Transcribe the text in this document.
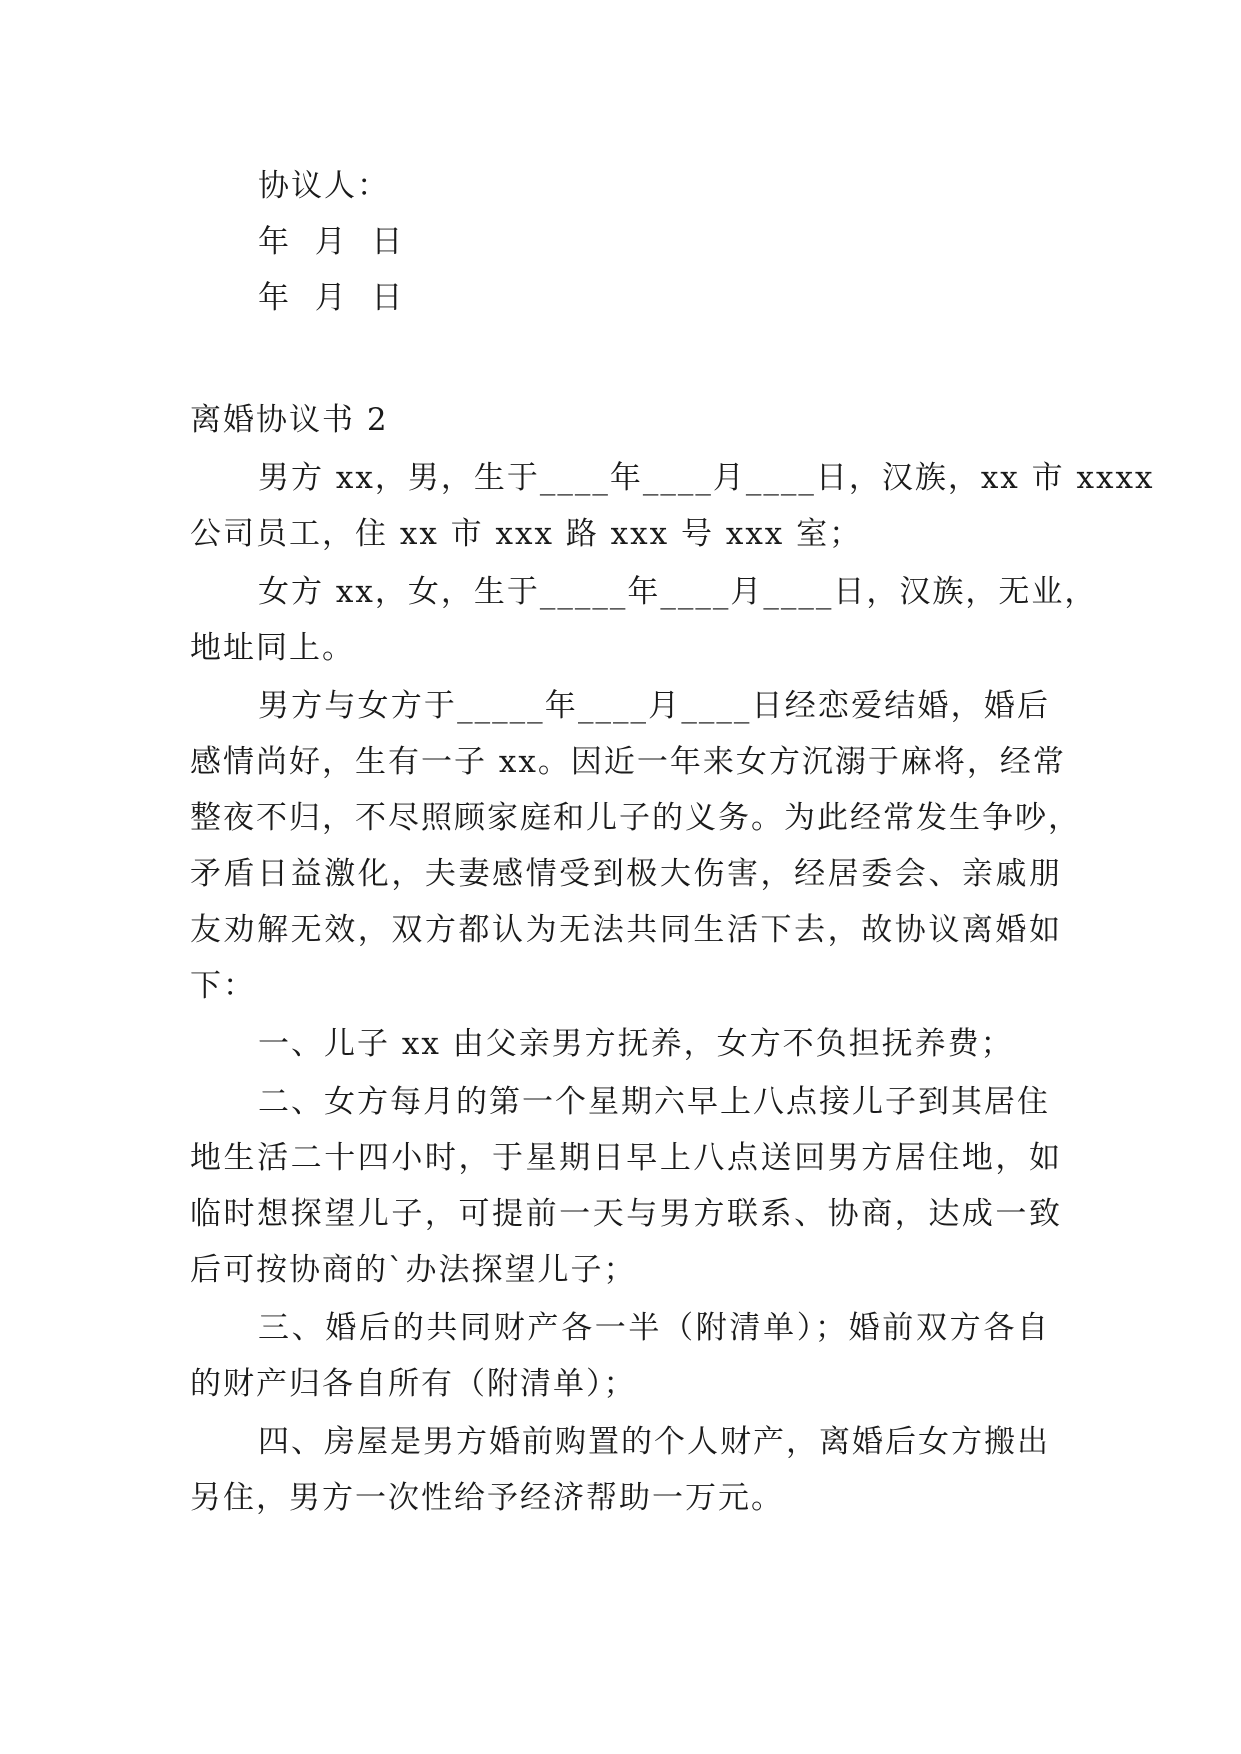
协议人：
年  月  日
年  月  日
离婚协议书 2
男方 xx，男，生于____年____月____日，汉族，xx 市 xxxx
公司员工，住 xx 市 xxx 路 xxx 号 xxx 室；
女方 xx，女，生于_____年____月____日，汉族，无业，
地址同上。
男方与女方于_____年____月____日经恋爱结婚，婚后
感情尚好，生有一子 xx。因近一年来女方沉溺于麻将，经常
整夜不归，不尽照顾家庭和儿子的义务。为此经常发生争吵，
矛盾日益激化，夫妻感情受到极大伤害，经居委会、亲戚朋
友劝解无效，双方都认为无法共同生活下去，故协议离婚如
下：
一、儿子 xx 由父亲男方抚养，女方不负担抚养费；
二、女方每月的第一个星期六早上八点接儿子到其居住
地生活二十四小时，于星期日早上八点送回男方居住地，如
临时想探望儿子，可提前一天与男方联系、协商，达成一致
后可按协商的`办法探望儿子；
三、婚后的共同财产各一半（附清单）；婚前双方各自
的财产归各自所有（附清单）；
四、房屋是男方婚前购置的个人财产，离婚后女方搬出
另住，男方一次性给予经济帮助一万元。
